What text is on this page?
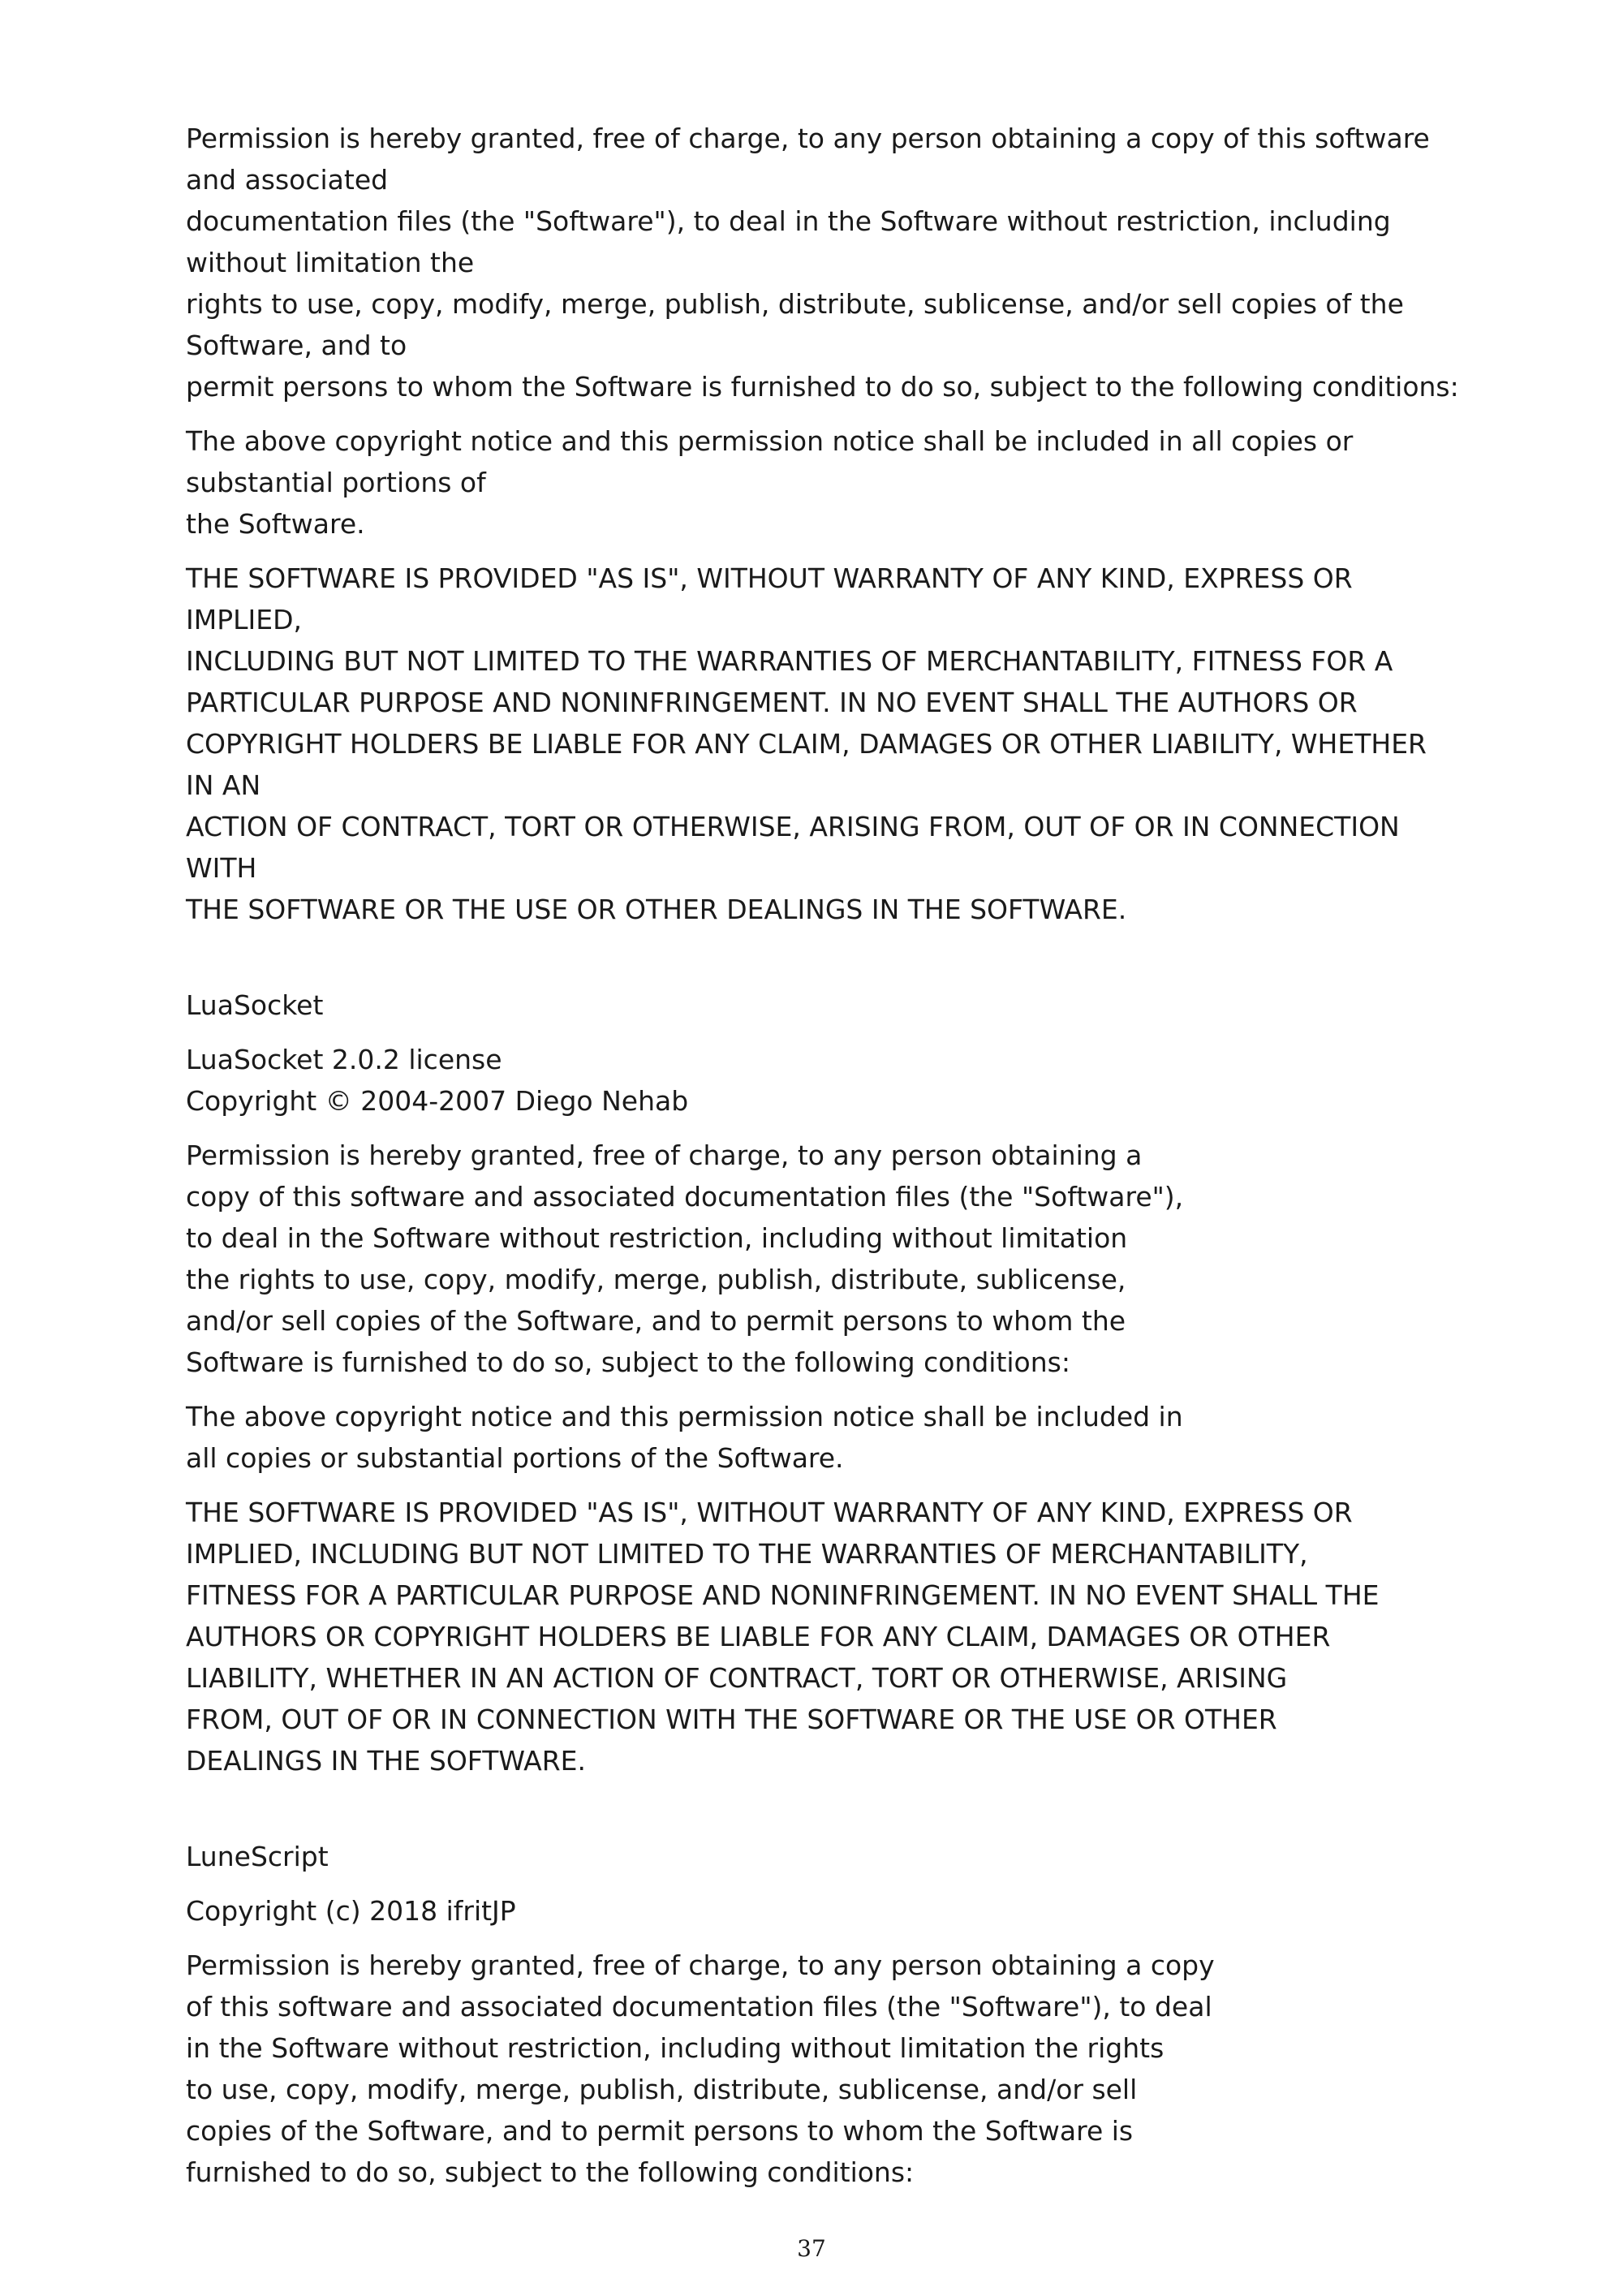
Permission is hereby granted, free of charge, to any person obtaining a copy of this software
and associated
documentation files (the "Software"), to deal in the Software without restriction, including
without limitation the
rights to use, copy, modify, merge, publish, distribute, sublicense, and/or sell copies of the
Software, and to
permit persons to whom the Software is furnished to do so, subject to the following conditions:

The above copyright notice and this permission notice shall be included in all copies or
substantial portions of
the Software.

THE SOFTWARE IS PROVIDED "AS IS", WITHOUT WARRANTY OF ANY KIND, EXPRESS OR
IMPLIED,
INCLUDING BUT NOT LIMITED TO THE WARRANTIES OF MERCHANTABILITY, FITNESS FOR A
PARTICULAR PURPOSE AND NONINFRINGEMENT. IN NO EVENT SHALL THE AUTHORS OR
COPYRIGHT HOLDERS BE LIABLE FOR ANY CLAIM, DAMAGES OR OTHER LIABILITY, WHETHER
IN AN
ACTION OF CONTRACT, TORT OR OTHERWISE, ARISING FROM, OUT OF OR IN CONNECTION
WITH
THE SOFTWARE OR THE USE OR OTHER DEALINGS IN THE SOFTWARE.

LuaSocket

LuaSocket 2.0.2 license
Copyright © 2004-2007 Diego Nehab

Permission is hereby granted, free of charge, to any person obtaining a
copy of this software and associated documentation files (the "Software"),
to deal in the Software without restriction, including without limitation
the rights to use, copy, modify, merge, publish, distribute, sublicense,
and/or sell copies of the Software, and to permit persons to whom the
Software is furnished to do so, subject to the following conditions:

The above copyright notice and this permission notice shall be included in
all copies or substantial portions of the Software.

THE SOFTWARE IS PROVIDED "AS IS", WITHOUT WARRANTY OF ANY KIND, EXPRESS OR
IMPLIED, INCLUDING BUT NOT LIMITED TO THE WARRANTIES OF MERCHANTABILITY,
FITNESS FOR A PARTICULAR PURPOSE AND NONINFRINGEMENT. IN NO EVENT SHALL THE
AUTHORS OR COPYRIGHT HOLDERS BE LIABLE FOR ANY CLAIM, DAMAGES OR OTHER
LIABILITY, WHETHER IN AN ACTION OF CONTRACT, TORT OR OTHERWISE, ARISING
FROM, OUT OF OR IN CONNECTION WITH THE SOFTWARE OR THE USE OR OTHER
DEALINGS IN THE SOFTWARE.

LuneScript

Copyright (c) 2018 ifritJP

Permission is hereby granted, free of charge, to any person obtaining a copy
of this software and associated documentation files (the "Software"), to deal
in the Software without restriction, including without limitation the rights
to use, copy, modify, merge, publish, distribute, sublicense, and/or sell
copies of the Software, and to permit persons to whom the Software is
furnished to do so, subject to the following conditions:

37
